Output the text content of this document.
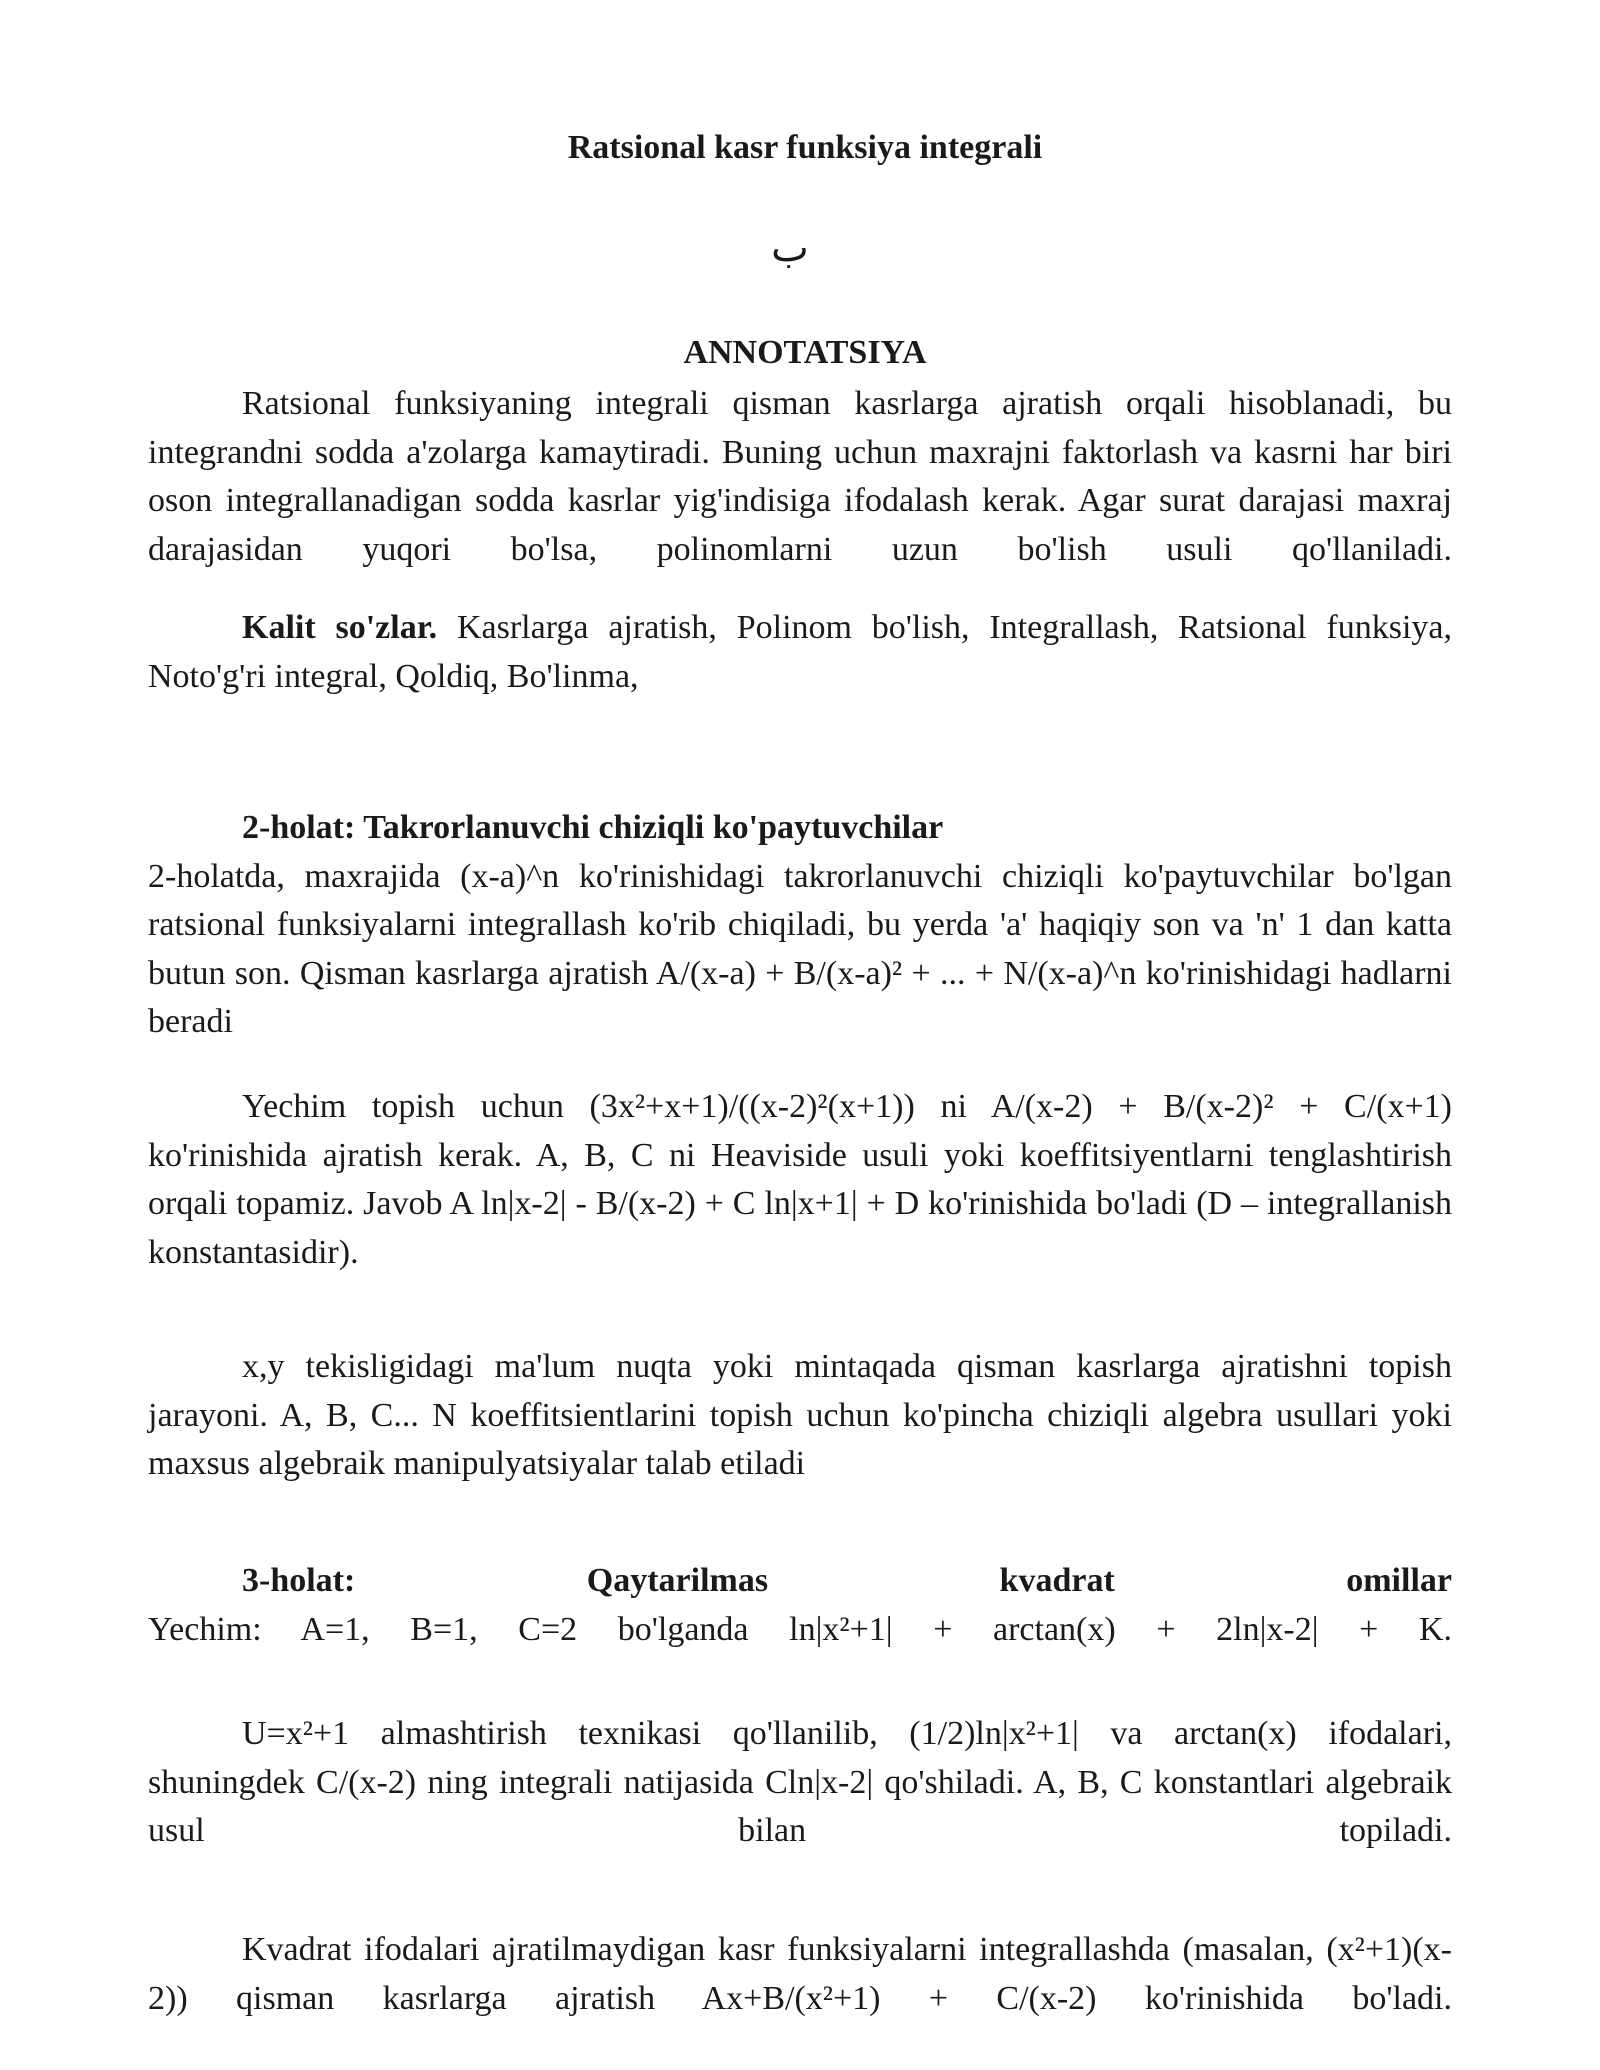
Ratsional kasr funksiya integrali
ب
ANNOTATSIYA
Ratsional funksiyaning integrali qisman kasrlarga ajratish orqali hisoblanadi, bu integrandni sodda a'zolarga kamaytiradi. Buning uchun maxrajni faktorlash va kasrni har biri oson integrallanadigan sodda kasrlar yig'indisiga ifodalash kerak. Agar surat darajasi maxraj darajasidan yuqori bo'lsa, polinomlarni uzun bo'lish usuli qo'llaniladi.
Kalit so'zlar. Kasrlarga ajratish, Polinom bo'lish, Integrallash, Ratsional funksiya, Noto'g'ri integral, Qoldiq, Bo'linma,
2-holat: Takrorlanuvchi chiziqli ko'paytuvchilar
2-holatda, maxrajida (x-a)^n ko'rinishidagi takrorlanuvchi chiziqli ko'paytuvchilar bo'lgan ratsional funksiyalarni integrallash ko'rib chiqiladi, bu yerda 'a' haqiqiy son va 'n' 1 dan katta butun son. Qisman kasrlarga ajratish A/(x-a) + B/(x-a)² + ... + N/(x-a)^n ko'rinishidagi hadlarni beradi
Yechim topish uchun (3x²+x+1)/((x-2)²(x+1)) ni A/(x-2) + B/(x-2)² + C/(x+1) ko'rinishida ajratish kerak. A, B, C ni Heaviside usuli yoki koeffitsiyentlarni tenglashtirish orqali topamiz. Javob A ln|x-2| - B/(x-2) + C ln|x+1| + D ko'rinishida bo'ladi (D – integrallanish konstantasidir).
x,y tekisligidagi ma'lum nuqta yoki mintaqada qisman kasrlarga ajratishni topish jarayoni. A, B, C... N koeffitsientlarini topish uchun ko'pincha chiziqli algebra usullari yoki maxsus algebraik manipulyatsiyalar talab etiladi
3-holat: Qaytarilmas kvadrat omillar
Yechim: A=1, B=1, C=2 bo'lganda ln|x²+1| + arctan(x) + 2ln|x-2| + K.
U=x²+1 almashtirish texnikasi qo'llanilib, (1/2)ln|x²+1| va arctan(x) ifodalari, shuningdek C/(x-2) ning integrali natijasida Cln|x-2| qo'shiladi. A, B, C konstantlari algebraik usul bilan topiladi.
Kvadrat ifodalari ajratilmaydigan kasr funksiyalarni integrallashda (masalan, (x²+1)(x-2)) qisman kasrlarga ajratish Ax+B/(x²+1) + C/(x-2) ko'rinishida bo'ladi.
